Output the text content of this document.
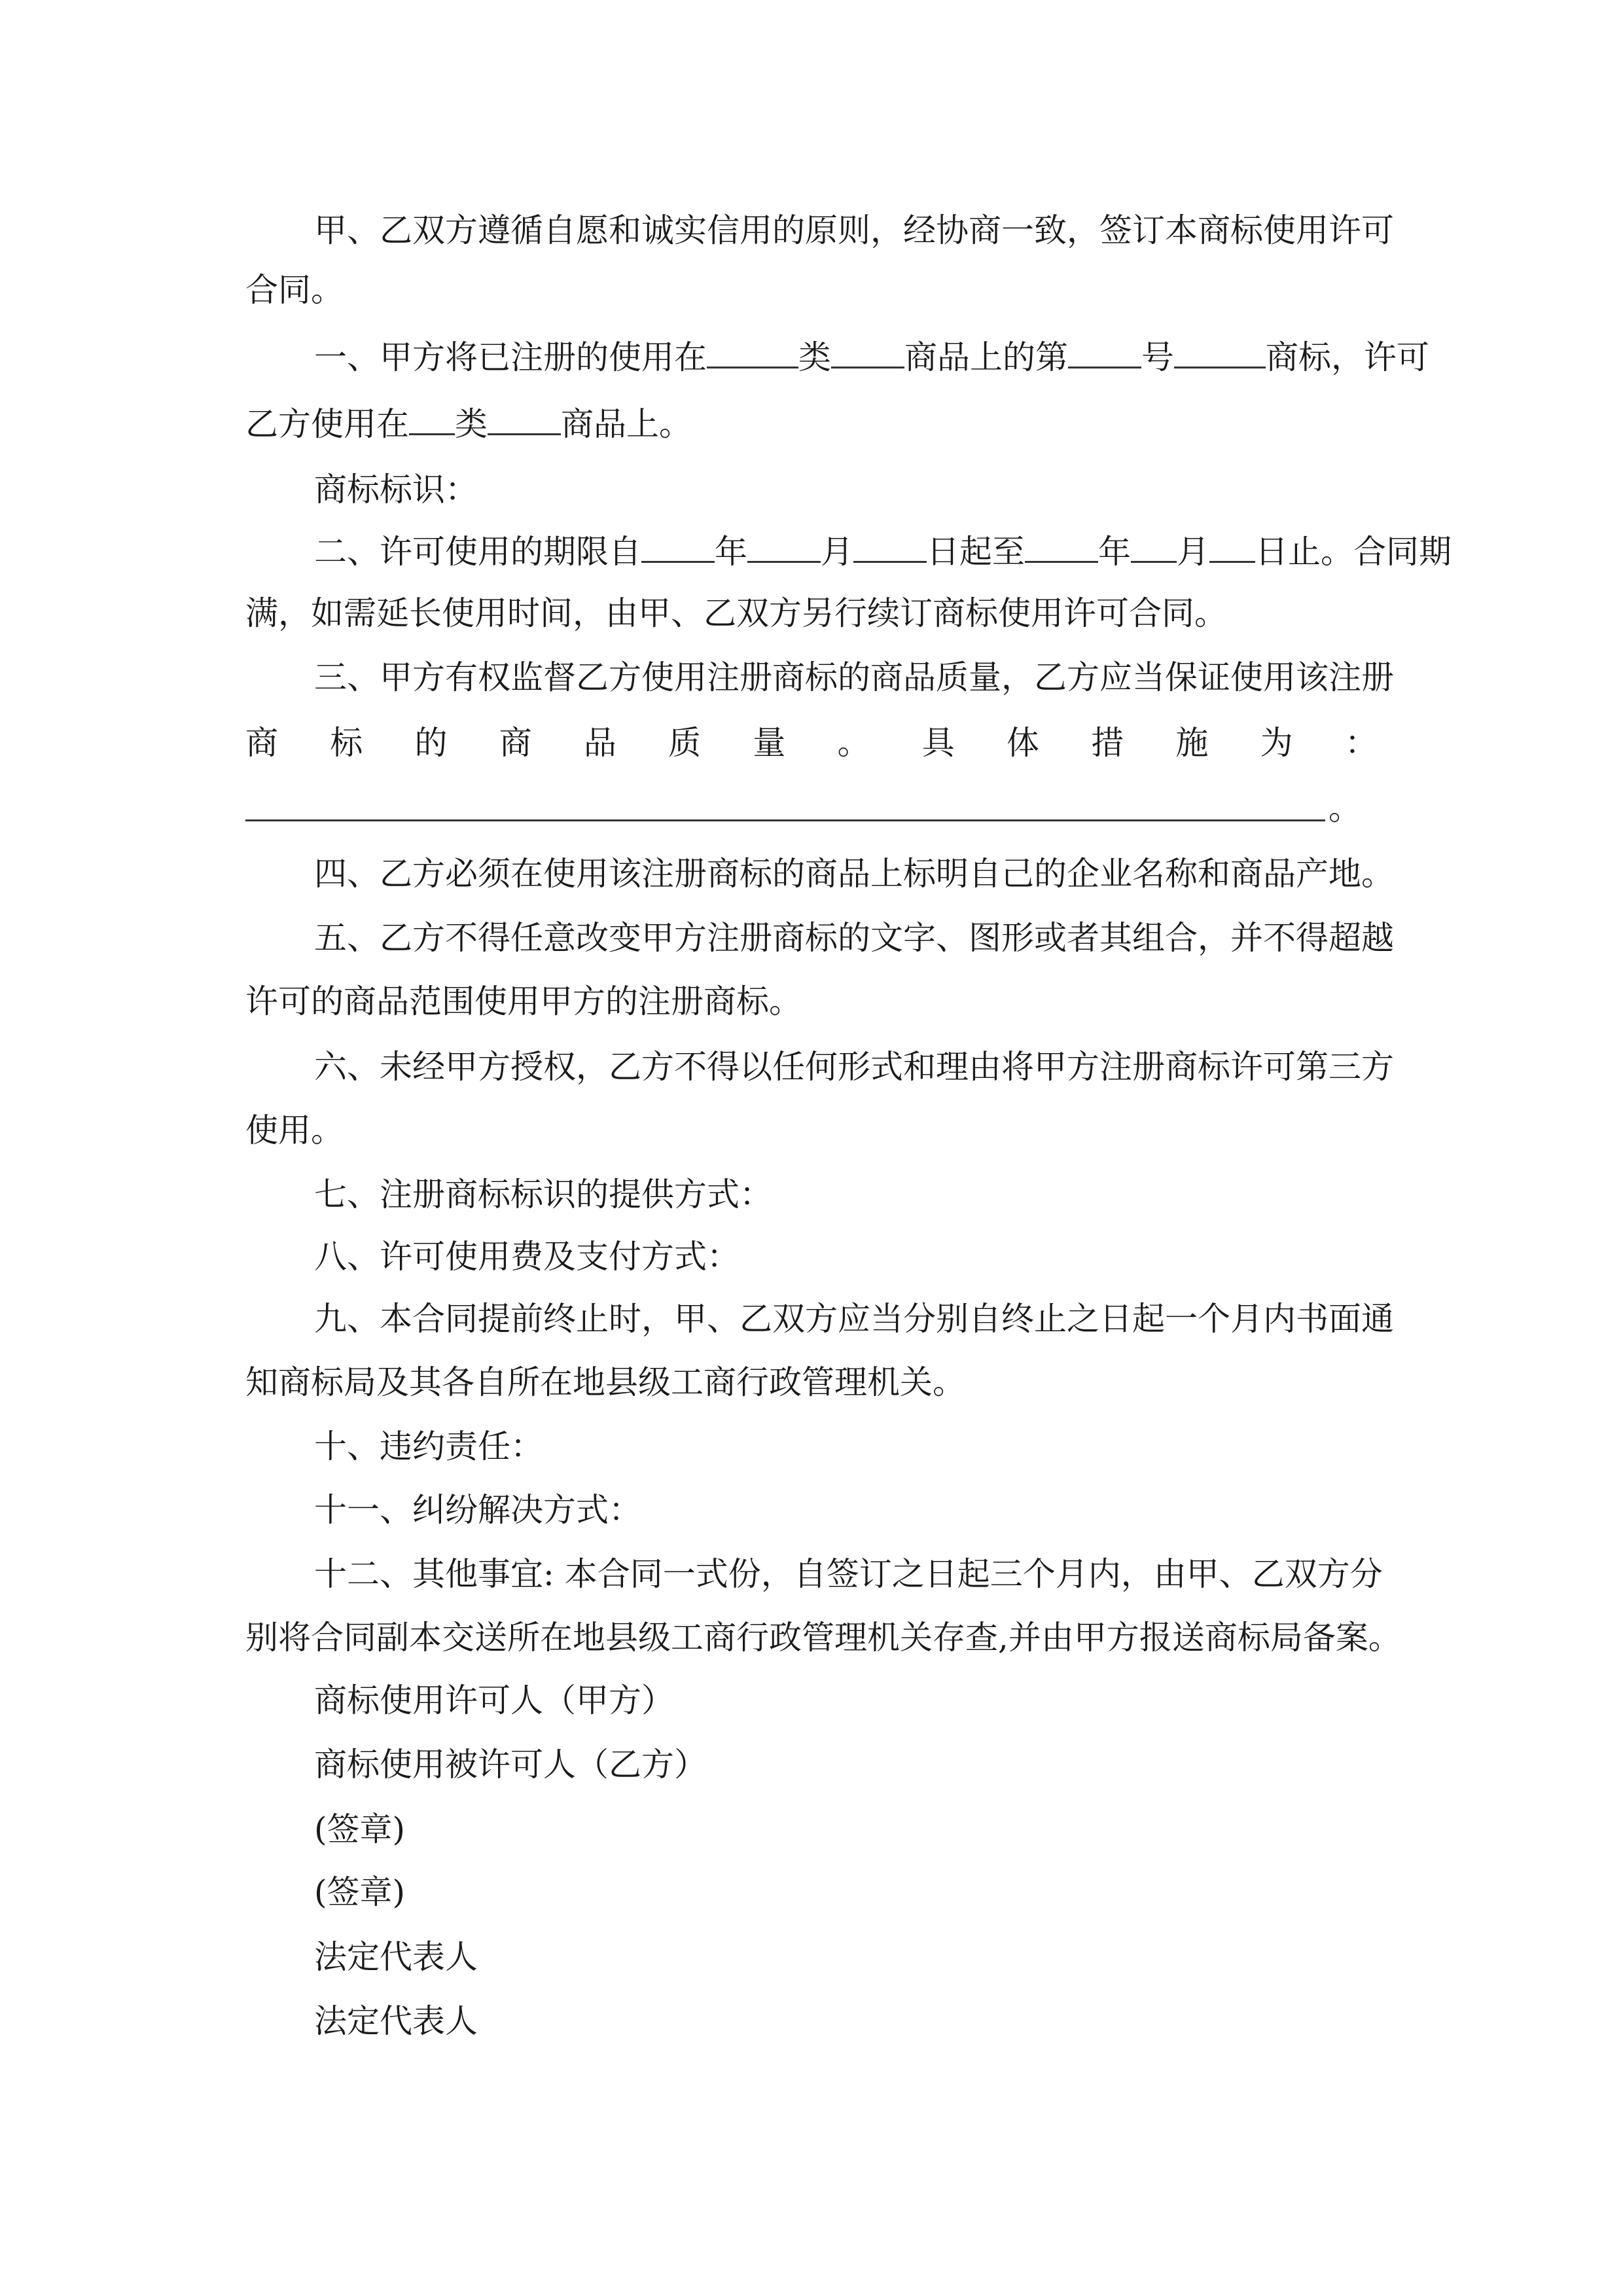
甲、乙双方遵循自愿和诚实信用的原则，经协商一致，签订本商标使用许可
合同。
一、甲方将已注册的使用在	类 商品上的第 号	商标，许可
乙方使用在 类 商品上。
商标标识：
二、许可使用的期限自 年 月 日起至 年 月 日止。合同期
满，如需延长使用时间，由甲、乙双方另行续订商标使用许可合同。
三、甲方有权监督乙方使用注册商标的商品质量，乙方应当保证使用该注册
商 标 的 商 品 质 量 。 具 体 措 施 为 ：
。
四、乙方必须在使用该注册商标的商品上标明自己的企业名称和商品产地。
五、乙方不得任意改变甲方注册商标的文字、图形或者其组合，并不得超越
许可的商品范围使用甲方的注册商标。
六、未经甲方授权，乙方不得以任何形式和理由将甲方注册商标许可第三方
使用。
七、注册商标标识的提供方式：
八、许可使用费及支付方式：
九、本合同提前终止时，甲、乙双方应当分别自终止之日起一个月内书面通
知商标局及其各自所在地县级工商行政管理机关。
十、违约责任：
十一、纠纷解决方式：
十二、其他事宜: 本合同一式份，自签订之日起三个月内，由甲、乙双方分
别将合同副本交送所在地县级工商行政管理机关存查,并由甲方报送商标局备案。
商标使用许可人（甲方）
商标使用被许可人（乙方）
(签章)
(签章)
法定代表人
法定代表人
